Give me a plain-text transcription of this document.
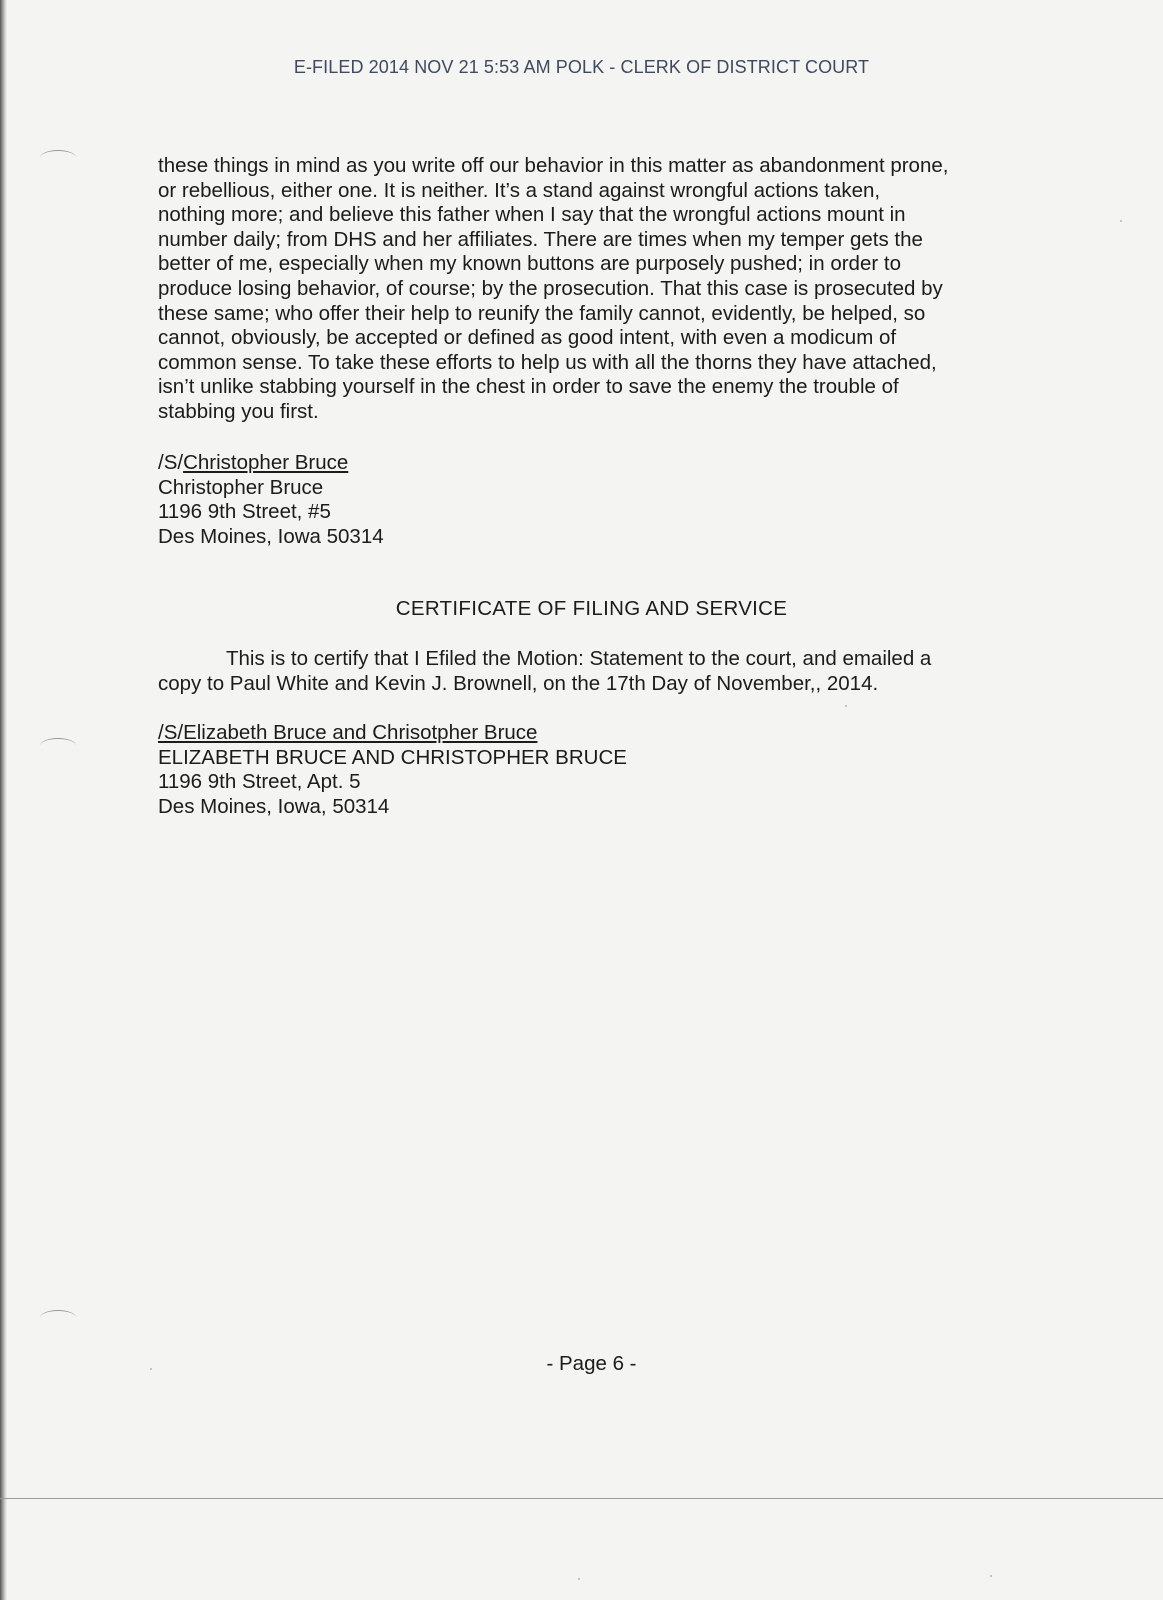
E-FILED 2014 NOV 21 5:53 AM POLK - CLERK OF DISTRICT COURT
these things in mind as you write off our behavior in this matter as abandonment prone,
or rebellious, either one. It is neither. It’s a stand against wrongful actions taken,
nothing more; and believe this father when I say that the wrongful actions mount in
number daily; from DHS and her affiliates. There are times when my temper gets the
better of me, especially when my known buttons are purposely pushed; in order to
produce losing behavior, of course; by the prosecution. That this case is prosecuted by
these same; who offer their help to reunify the family cannot, evidently, be helped, so
cannot, obviously, be accepted or defined as good intent, with even a modicum of
common sense. To take these efforts to help us with all the thorns they have attached,
isn’t unlike stabbing yourself in the chest in order to save the enemy the trouble of
stabbing you first.
/S/Christopher Bruce
Christopher Bruce
1196 9th Street, #5
Des Moines, Iowa 50314
CERTIFICATE OF FILING AND SERVICE
This is to certify that I Efiled the Motion: Statement to the court, and emailed a
copy to Paul White and Kevin J. Brownell, on the 17th Day of November,, 2014.
/S/Elizabeth Bruce and Chrisotpher Bruce
ELIZABETH BRUCE AND CHRISTOPHER BRUCE
1196 9th Street, Apt. 5
Des Moines, Iowa, 50314
- Page 6 -
